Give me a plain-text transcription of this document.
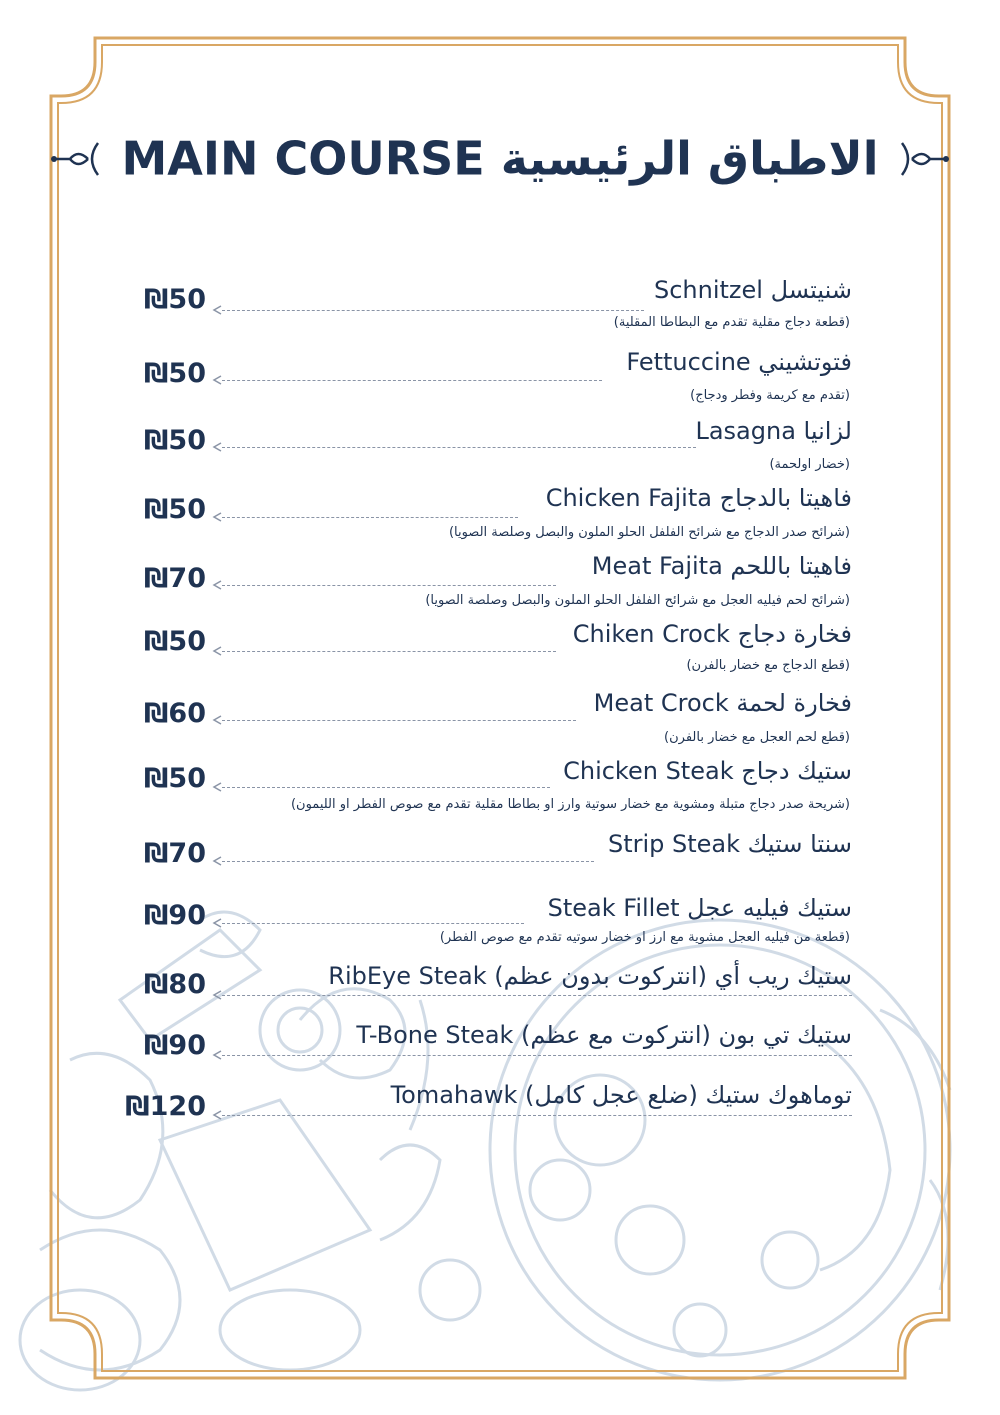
MAIN COURSE الاطباق الرئيسية
₪50	شنيتسل Schnitzel
(قطعة دجاج مقلية تقدم مع البطاطا المقلية)
₪50	فتوتشيني Fettuccine
(تقدم مع كريمة وفطر ودجاج)
₪50	لزانيا Lasagna
(خضار اولحمة)
₪50	فاهيتا بالدجاج Chicken Fajita
(شرائح صدر الدجاج مع شرائح الفلفل الحلو الملون والبصل وصلصة الصويا)
₪70	فاهيتا باللحم Meat Fajita
(شرائح لحم فيليه العجل مع شرائح الفلفل الحلو الملون والبصل وصلصة الصويا)
₪50	فخارة دجاج Chiken Crock
(قطع الدجاج مع خضار بالفرن)
₪60	فخارة لحمة Meat Crock
(قطع لحم العجل مع خضار بالفرن)
₪50	ستيك دجاج Chicken Steak
(شريحة صدر دجاج متبلة ومشوية مع خضار سوتية وارز او بطاطا مقلية تقدم مع صوص الفطر او الليمون)
₪70	سنتا ستيك Strip Steak
₪90	ستيك فيليه عجل Steak Fillet
(قطعة من فيليه العجل مشوية مع ارز او خضار سوتيه تقدم مع صوص الفطر)
₪80	ستيك ريب أي (انتركوت بدون عظم) RibEye Steak
₪90	ستيك تي بون (انتركوت مع عظم) T-Bone Steak
₪120	توماهوك ستيك (ضلع عجل كامل) Tomahawk
